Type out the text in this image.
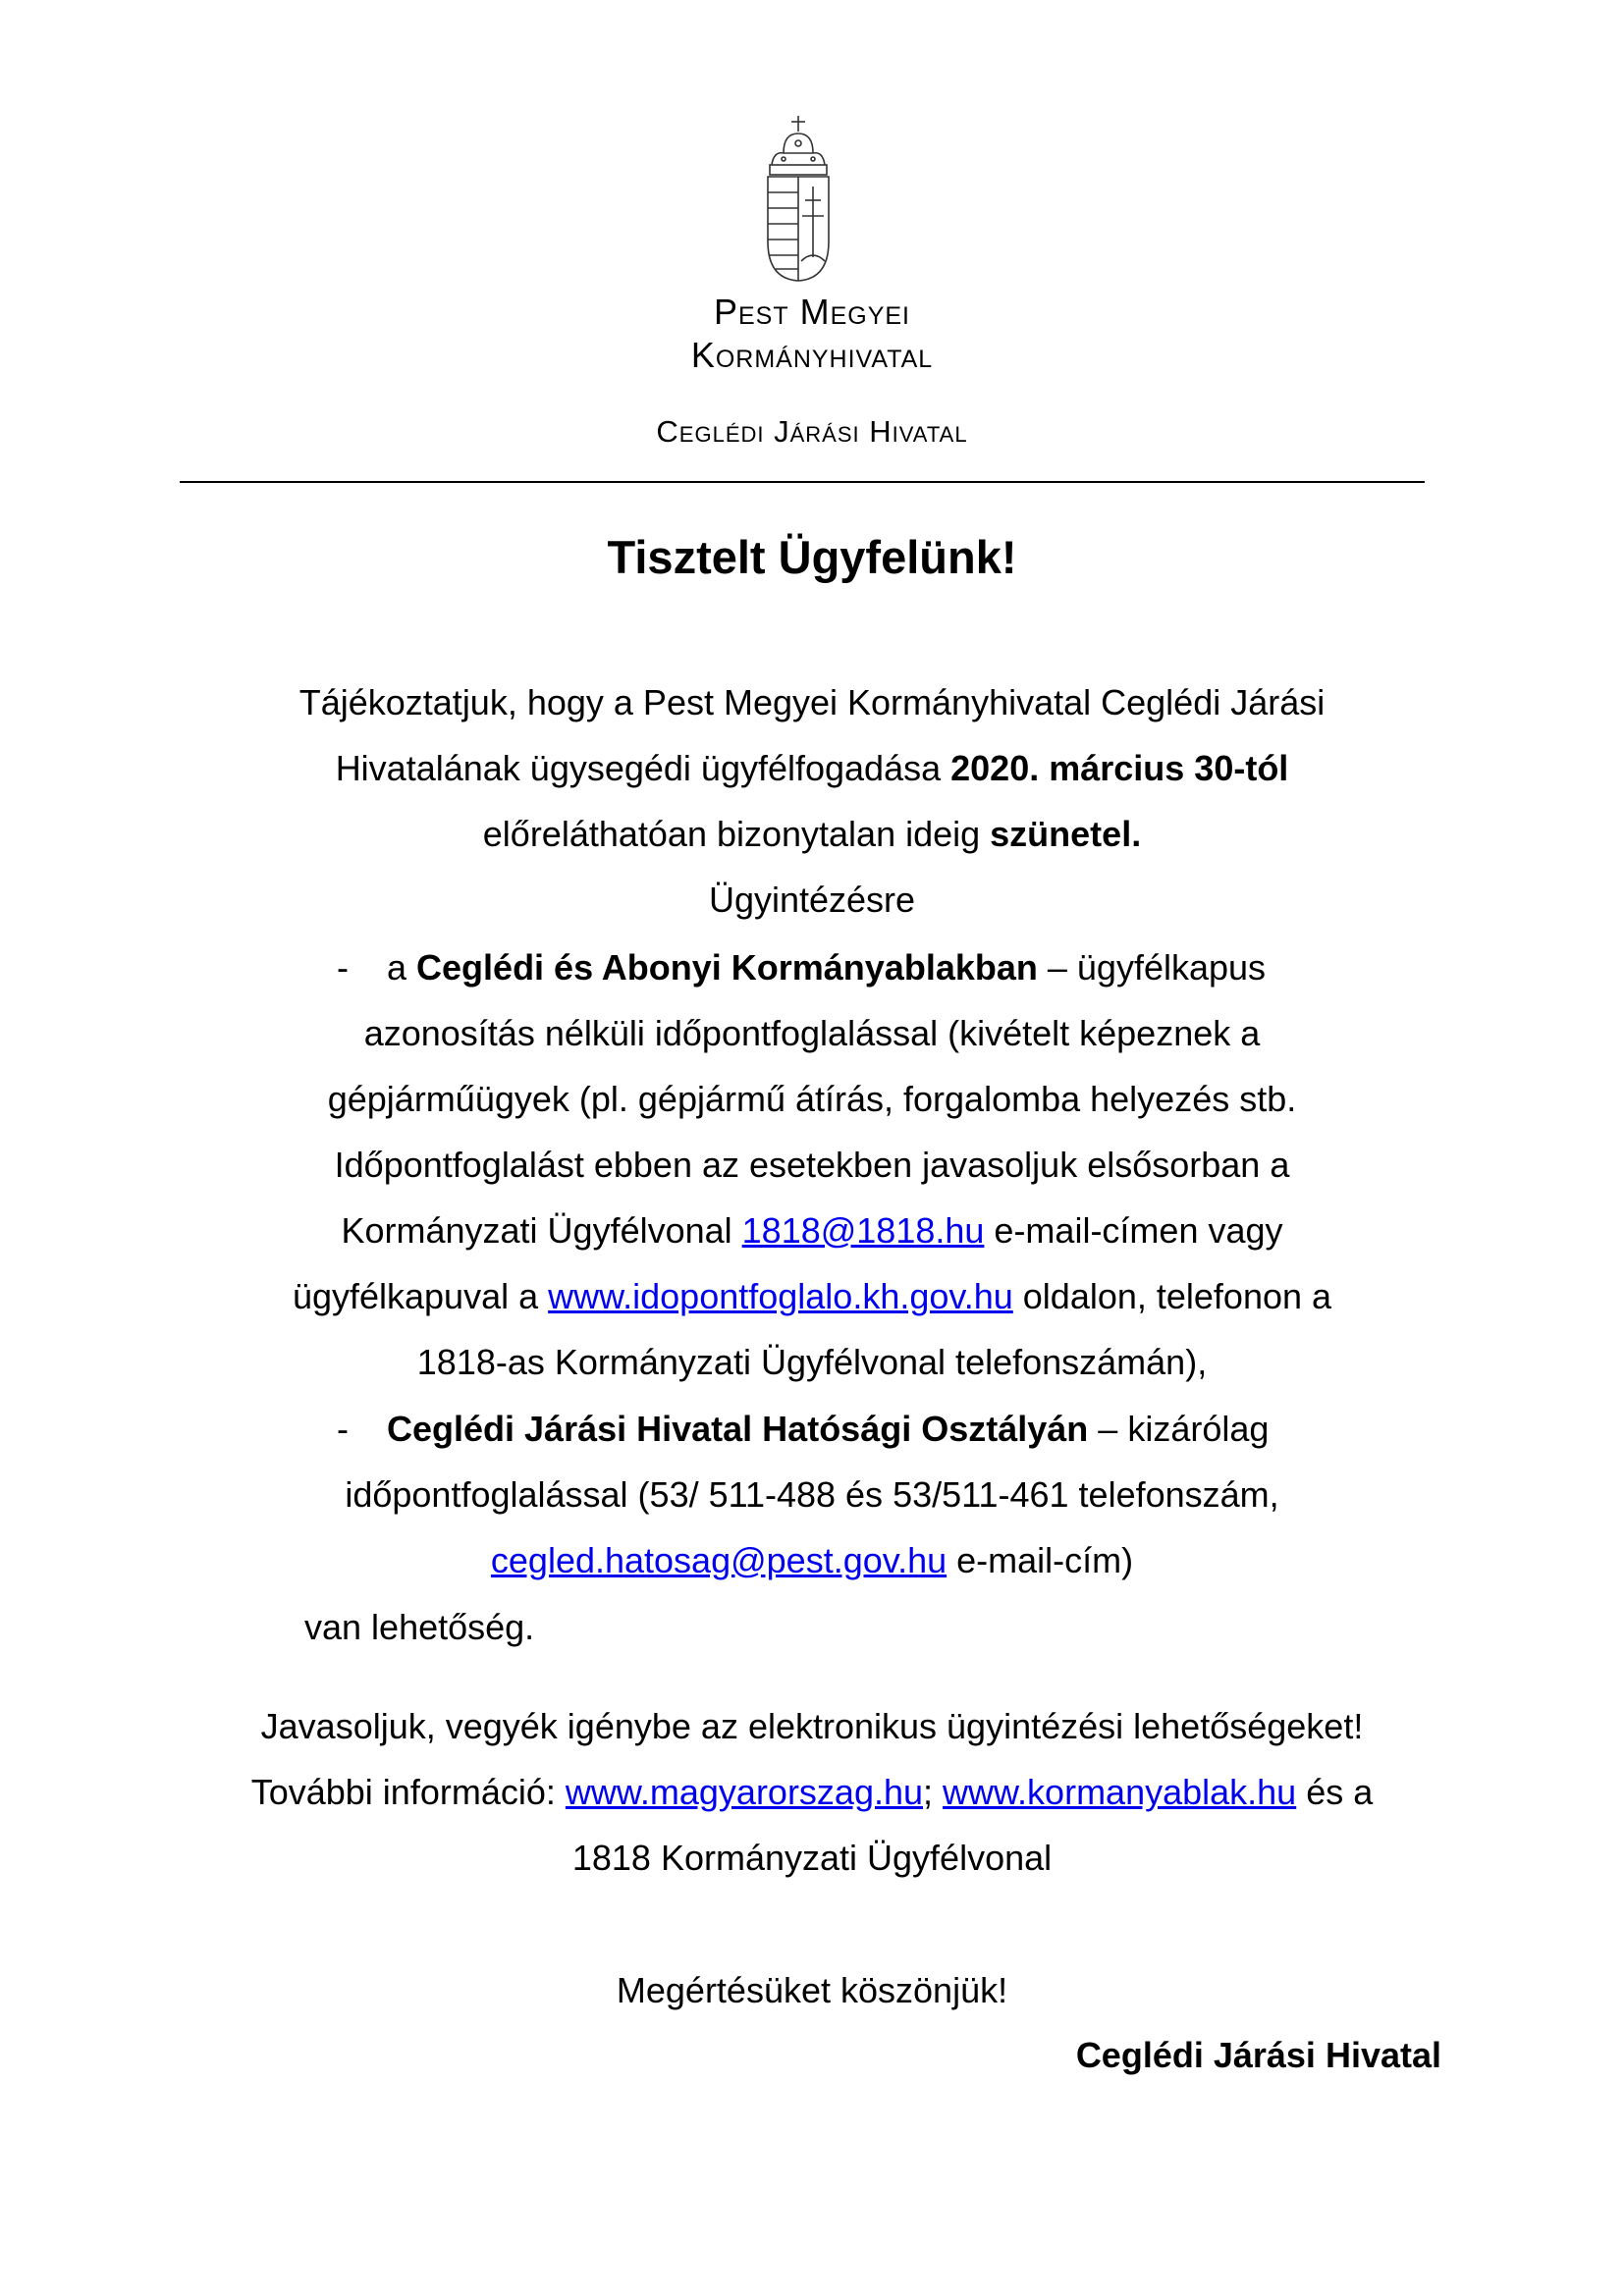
Pest Megyei
Kormányhivatal
Ceglédi Járási Hivatal
Tisztelt Ügyfelünk!
Tájékoztatjuk, hogy a Pest Megyei Kormányhivatal Ceglédi Járási
Hivatalának ügysegédi ügyfélfogadása 2020. március 30-tól
előreláthatóan bizonytalan ideig szünetel.
Ügyintézésre
- a Ceglédi és Abonyi Kormányablakban – ügyfélkapus
azonosítás nélküli időpontfoglalással (kivételt képeznek a
gépjárműügyek (pl. gépjármű átírás, forgalomba helyezés stb.
Időpontfoglalást ebben az esetekben javasoljuk elsősorban a
Kormányzati Ügyfélvonal 1818@1818.hu e-mail-címen vagy
ügyfélkapuval a www.idopontfoglalo.kh.gov.hu oldalon, telefonon a
1818-as Kormányzati Ügyfélvonal telefonszámán),
- Ceglédi Járási Hivatal Hatósági Osztályán – kizárólag
időpontfoglalással (53/ 511-488 és 53/511-461 telefonszám,
cegled.hatosag@pest.gov.hu e-mail-cím)
van lehetőség.
Javasoljuk, vegyék igénybe az elektronikus ügyintézési lehetőségeket!
További információ: www.magyarorszag.hu; www.kormanyablak.hu és a
1818 Kormányzati Ügyfélvonal
Megértésüket köszönjük!
Ceglédi Járási Hivatal
